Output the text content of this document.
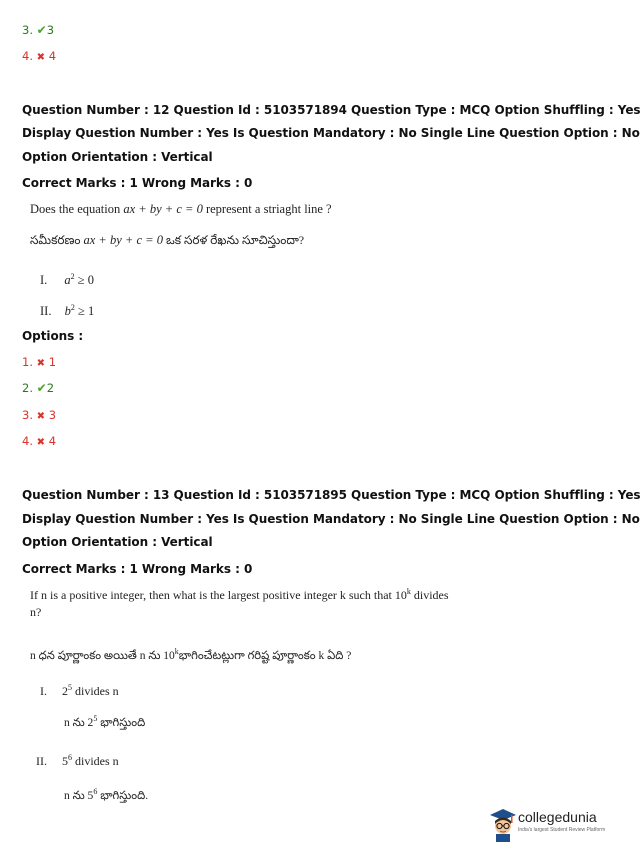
3. ✔3
4. ✖ 4
Question Number : 12 Question Id : 5103571894 Question Type : MCQ Option Shuffling : Yes
Display Question Number : Yes Is Question Mandatory : No Single Line Question Option : No
Option Orientation : Vertical
Correct Marks : 1 Wrong Marks : 0
Does the equation ax + by + c = 0 represent a striaght line ?
సమీకరణం ax + by + c = 0 ఒక సరళ రేఖను సూచిస్తుందా?
I. $a^2 \ge 0$
II. $b^2 \ge 1$
Options :
1. ✖ 1
2. ✔2
3. ✖ 3
4. ✖ 4
Question Number : 13 Question Id : 5103571895 Question Type : MCQ Option Shuffling : Yes
Display Question Number : Yes Is Question Mandatory : No Single Line Question Option : No
Option Orientation : Vertical
Correct Marks : 1 Wrong Marks : 0
If n is a positive integer, then what is the largest positive integer k such that 10$^k$ divides
n?
n ధన పూర్ణాంకం అయితే n ను 10$^k$భాగించేటట్లుగా గరిష్ట పూర్ణాంకం k ఏది ?
I. $2^5$ divides n
n ను $2^5$ భాగిస్తుంది
II. $5^6$ divides n
n ను $5^6$ భాగిస్తుంది.
collegedunia
India's largest Student Review Platform
